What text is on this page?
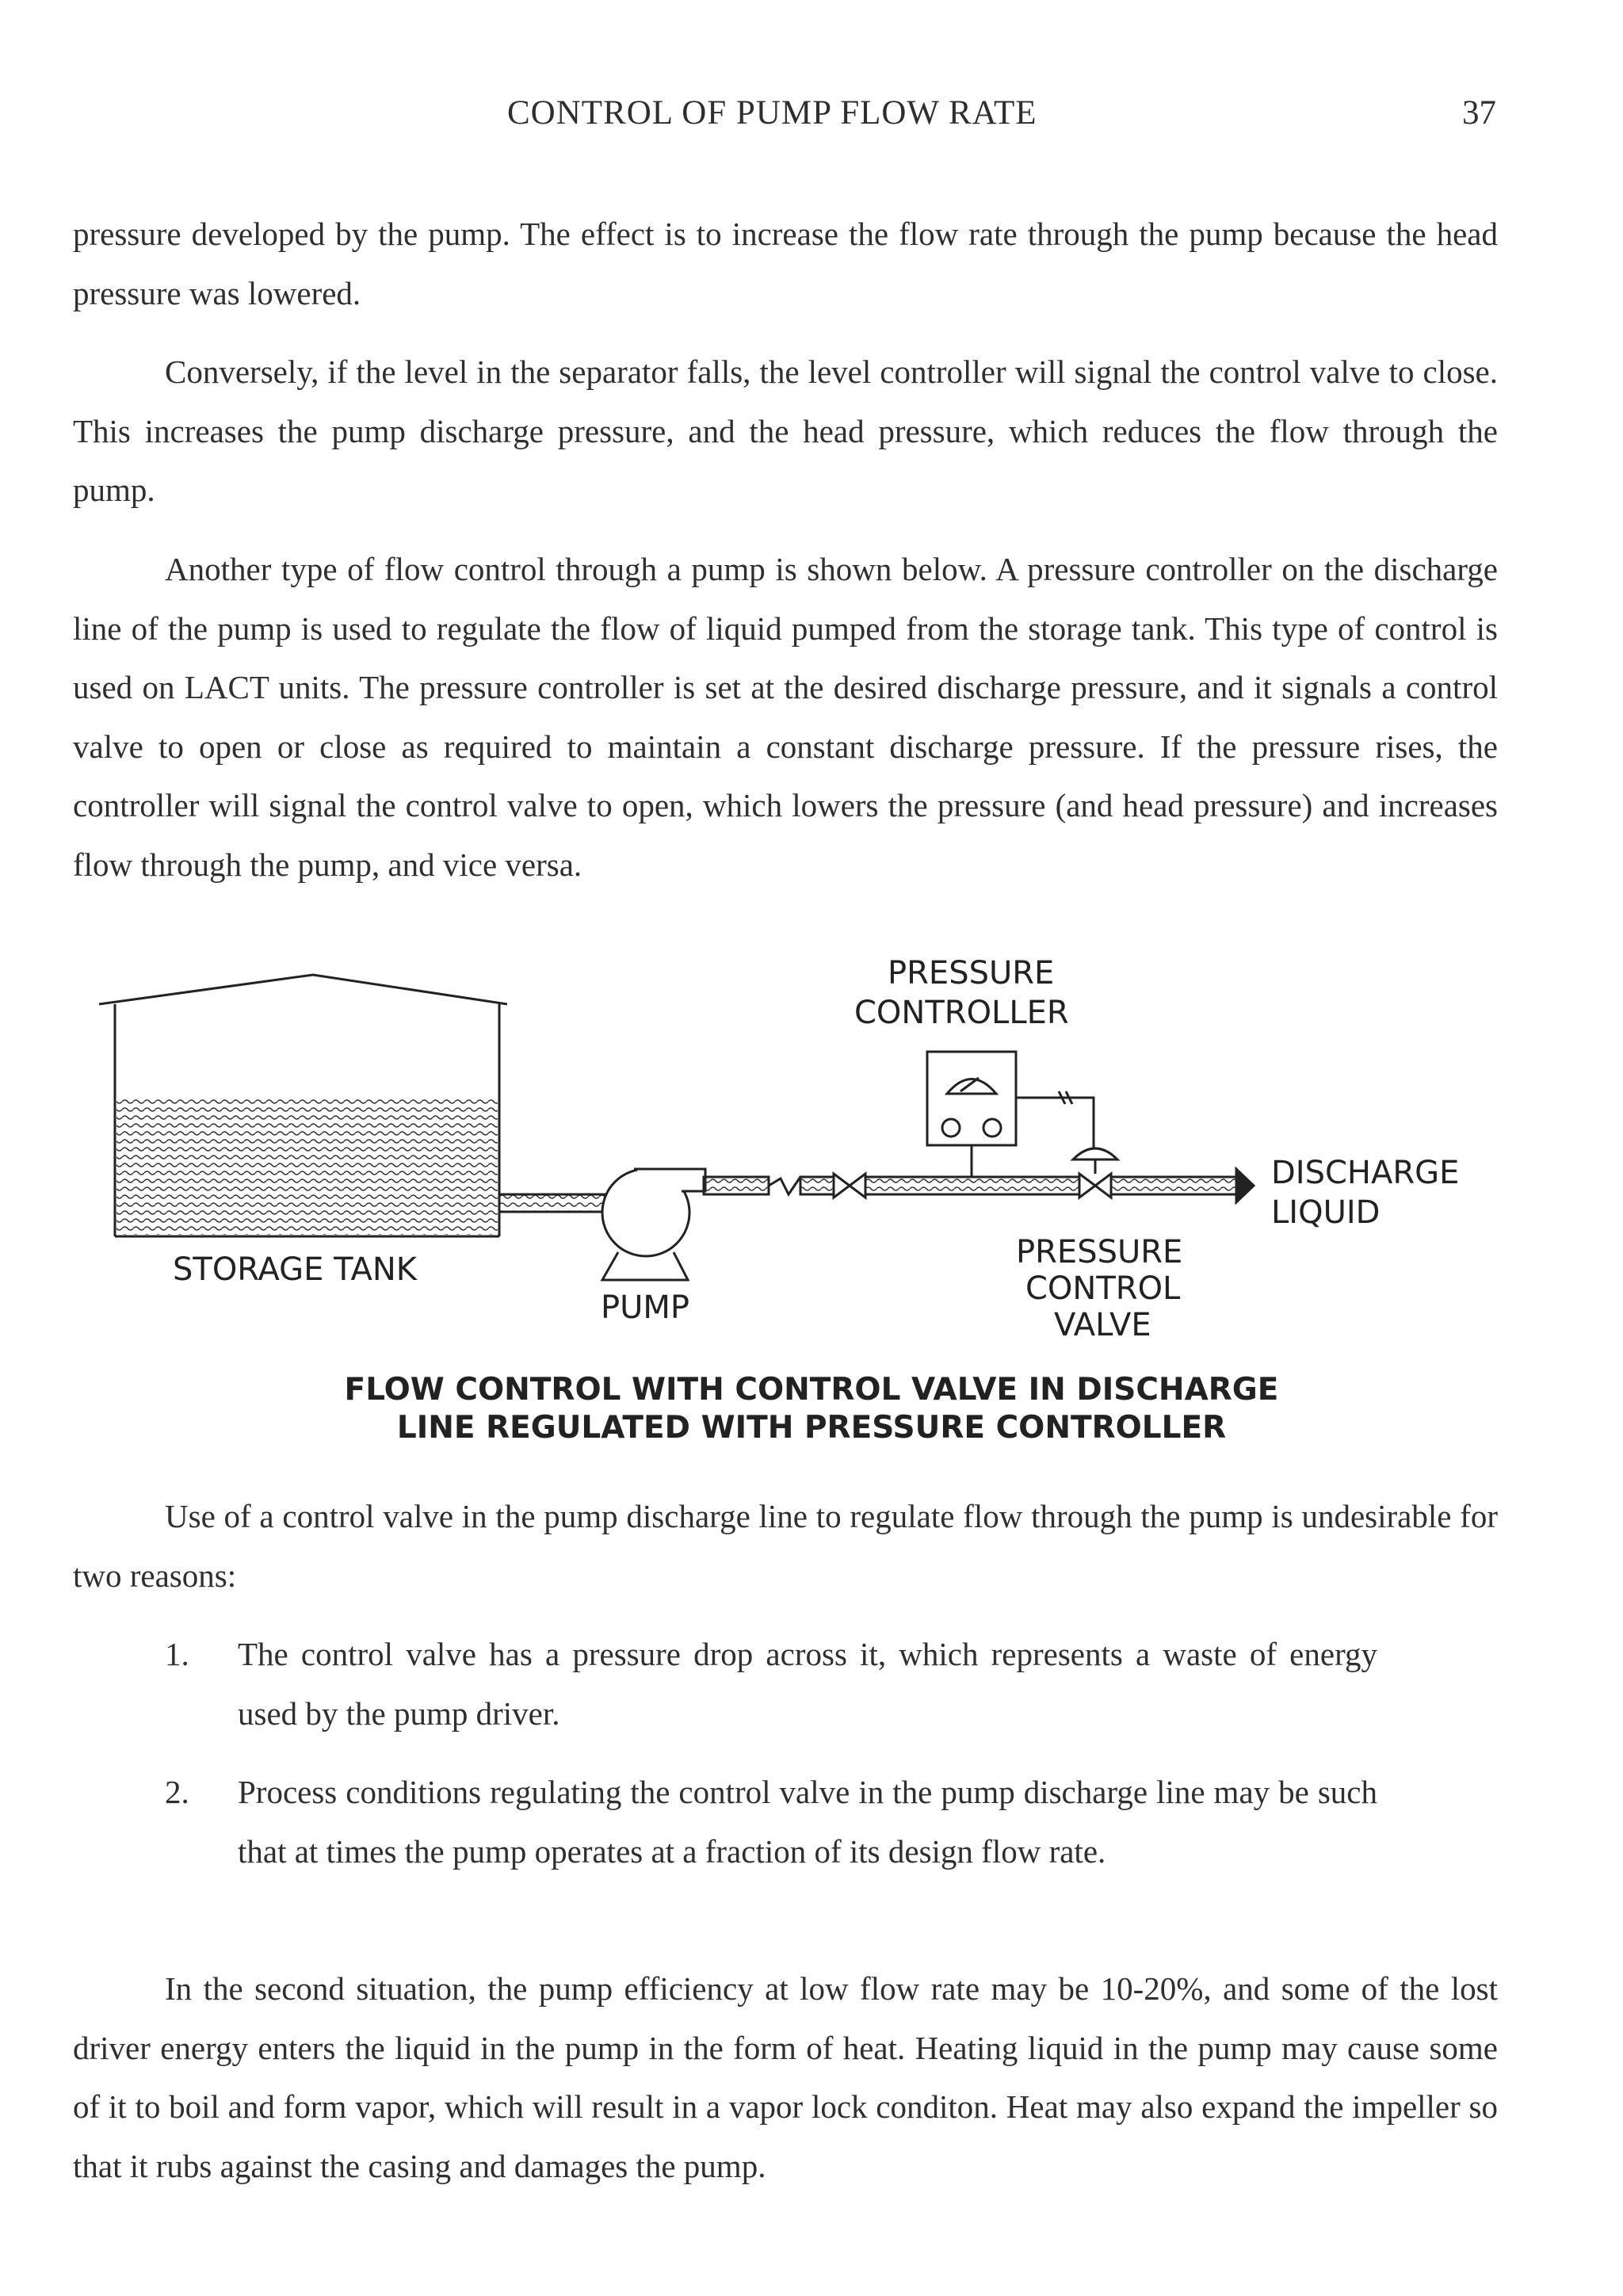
CONTROL OF PUMP FLOW RATE	37

pressure developed by the pump. The effect is to increase the flow rate through the pump because the head pressure was lowered.

Conversely, if the level in the separator falls, the level controller will signal the control valve to close. This increases the pump discharge pressure, and the head pressure, which reduces the flow through the pump.

Another type of flow control through a pump is shown below. A pressure controller on the discharge line of the pump is used to regulate the flow of liquid pumped from the storage tank. This type of control is used on LACT units. The pressure controller is set at the desired discharge pressure, and it signals a control valve to open or close as required to maintain a constant discharge pressure. If the pressure rises, the controller will signal the control valve to open, which lowers the pressure (and head pressure) and increases flow through the pump, and vice versa.

PRESSURE
CONTROLLER
STORAGE TANK
PUMP
PRESSURE
CONTROL
VALVE
DISCHARGE
LIQUID
FLOW CONTROL WITH CONTROL VALVE IN DISCHARGE
LINE REGULATED WITH PRESSURE CONTROLLER

Use of a control valve in the pump discharge line to regulate flow through the pump is undesirable for two reasons:

1. The control valve has a pressure drop across it, which represents a waste of energy used by the pump driver.
2. Process conditions regulating the control valve in the pump discharge line may be such that at times the pump operates at a fraction of its design flow rate.

In the second situation, the pump efficiency at low flow rate may be 10-20%, and some of the lost driver energy enters the liquid in the pump in the form of heat. Heating liquid in the pump may cause some of it to boil and form vapor, which will result in a vapor lock conditon. Heat may also expand the impeller so that it rubs against the casing and damages the pump.
